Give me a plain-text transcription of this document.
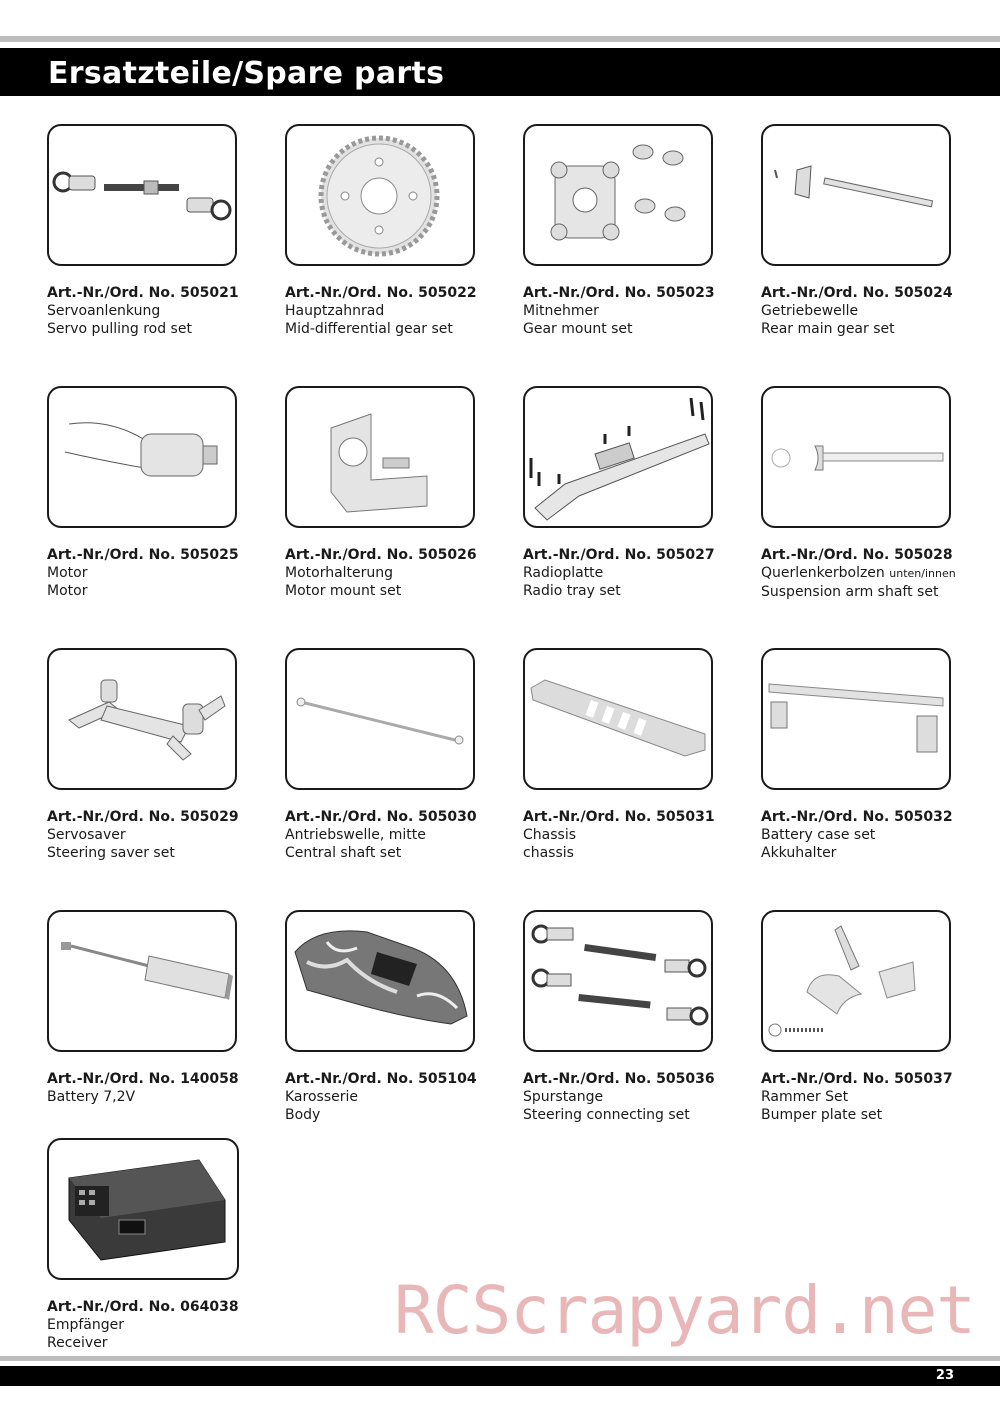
Ersatzteile/Spare parts
Art.-Nr./Ord. No. 505021
Servoanlenkung
Servo pulling rod set
Art.-Nr./Ord. No. 505022
Hauptzahnrad
Mid-differential gear set
Art.-Nr./Ord. No. 505023
Mitnehmer
Gear mount set
Art.-Nr./Ord. No. 505024
Getriebewelle
Rear main gear set
Art.-Nr./Ord. No. 505025
Motor
Motor
Art.-Nr./Ord. No. 505026
Motorhalterung
Motor mount set
Art.-Nr./Ord. No. 505027
Radioplatte
Radio tray set
Art.-Nr./Ord. No. 505028
Querlenkerbolzen unten/innen
Suspension arm shaft set
Art.-Nr./Ord. No. 505029
Servosaver
Steering saver set
Art.-Nr./Ord. No. 505030
Antriebswelle, mitte
Central shaft set
Art.-Nr./Ord. No. 505031
Chassis
chassis
Art.-Nr./Ord. No. 505032
Battery case set
Akkuhalter
Art.-Nr./Ord. No. 140058
Battery 7,2V
Art.-Nr./Ord. No. 505104
Karosserie
Body
Art.-Nr./Ord. No. 505036
Spurstange
Steering connecting set
Art.-Nr./Ord. No. 505037
Rammer Set
Bumper plate set
Art.-Nr./Ord. No. 064038
Empfänger
Receiver	RCScrapyard.net
23
